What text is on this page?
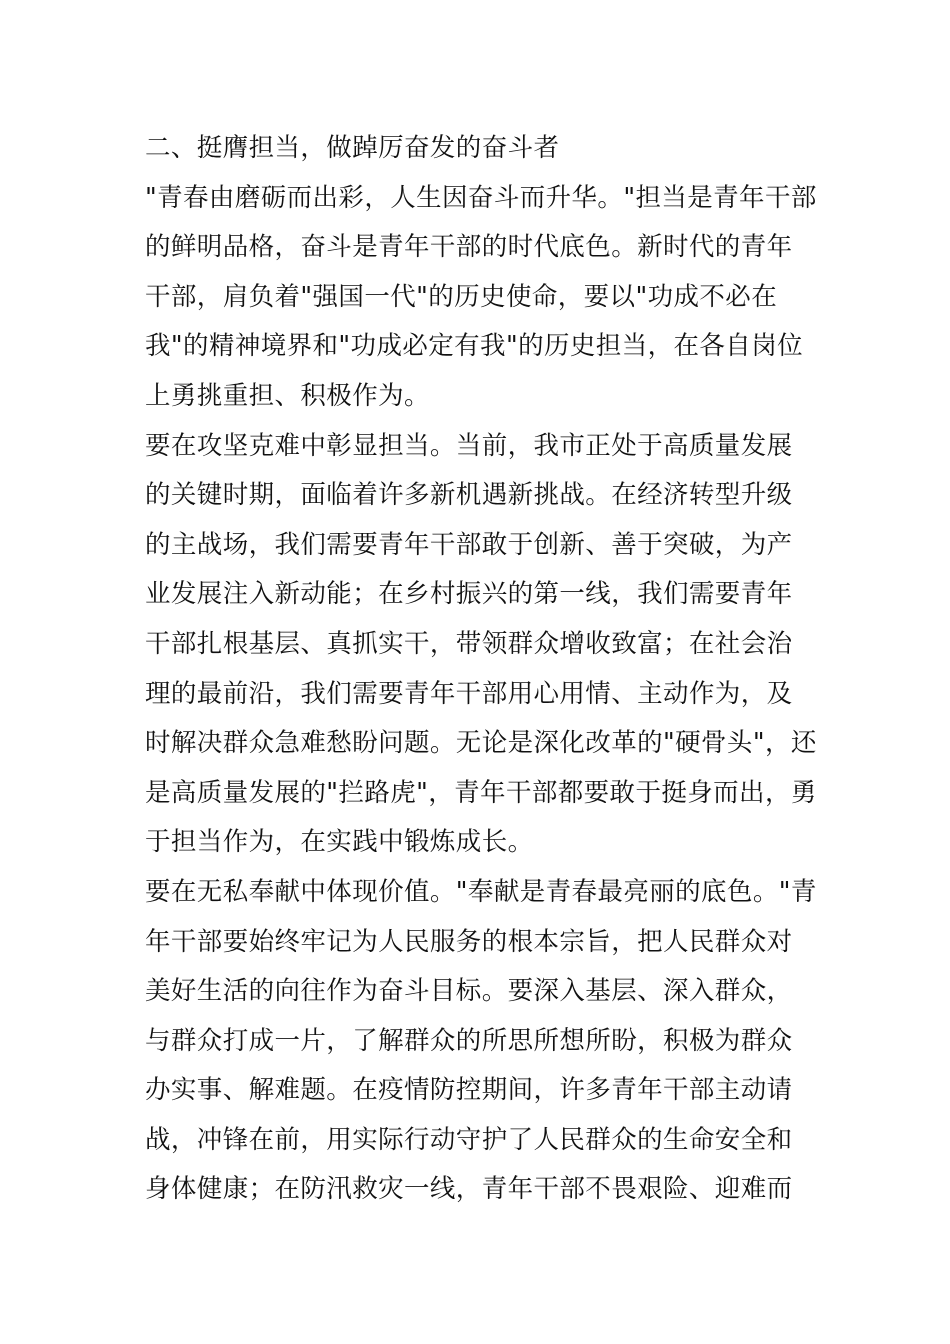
二、挺膺担当，做踔厉奋发的奋斗者
"青春由磨砺而出彩，人生因奋斗而升华。"担当是青年干部
的鲜明品格，奋斗是青年干部的时代底色。新时代的青年
干部，肩负着"强国一代"的历史使命，要以"功成不必在
我"的精神境界和"功成必定有我"的历史担当，在各自岗位
上勇挑重担、积极作为。
要在攻坚克难中彰显担当。当前，我市正处于高质量发展
的关键时期，面临着许多新机遇新挑战。在经济转型升级
的主战场，我们需要青年干部敢于创新、善于突破，为产
业发展注入新动能；在乡村振兴的第一线，我们需要青年
干部扎根基层、真抓实干，带领群众增收致富；在社会治
理的最前沿，我们需要青年干部用心用情、主动作为，及
时解决群众急难愁盼问题。无论是深化改革的"硬骨头"，还
是高质量发展的"拦路虎"，青年干部都要敢于挺身而出，勇
于担当作为，在实践中锻炼成长。
要在无私奉献中体现价值。"奉献是青春最亮丽的底色。"青
年干部要始终牢记为人民服务的根本宗旨，把人民群众对
美好生活的向往作为奋斗目标。要深入基层、深入群众，
与群众打成一片，了解群众的所思所想所盼，积极为群众
办实事、解难题。在疫情防控期间，许多青年干部主动请
战，冲锋在前，用实际行动守护了人民群众的生命安全和
身体健康；在防汛救灾一线，青年干部不畏艰险、迎难而
